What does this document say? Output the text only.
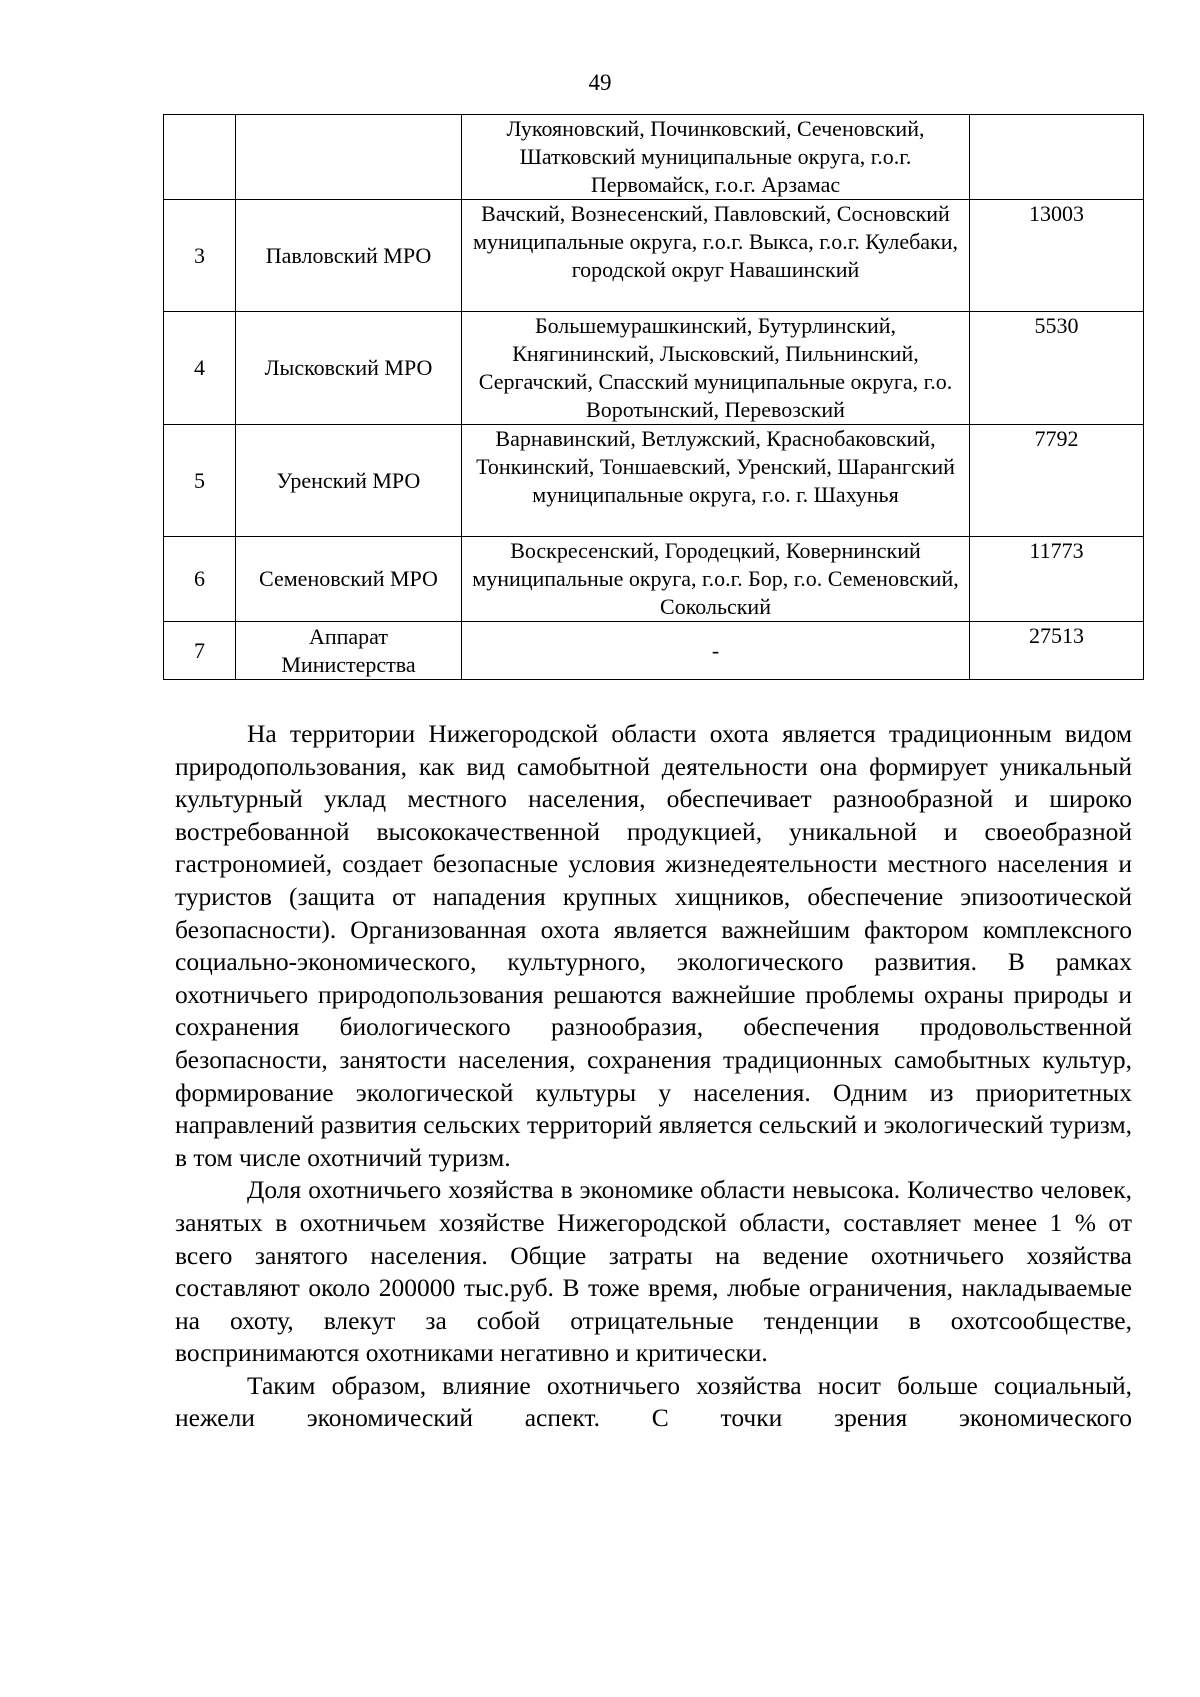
49
		Лукояновский, Починковский, Сеченовский, Шатковский муниципальные округа, г.о.г. Первомайск, г.о.г. Арзамас	
3	Павловский МРО	Вачский, Вознесенский, Павловский, Сосновский муниципальные округа, г.о.г. Выкса, г.о.г. Кулебаки, городской округ Навашинский	13003
4	Лысковский МРО	Большемурашкинский, Бутурлинский, Княгининский, Лысковский, Пильнинский, Сергачский, Спасский муниципальные округа, г.о. Воротынский, Перевозский	5530
5	Уренский МРО	Варнавинский, Ветлужский, Краснобаковский, Тонкинский, Тоншаевский, Уренский, Шарангский муниципальные округа, г.о. г. Шахунья	7792
6	Семеновский МРО	Воскресенский, Городецкий, Ковернинский муниципальные округа, г.о.г. Бор, г.о. Семеновский, Сокольский	11773
7	Аппарат Министерства	-	27513

На территории Нижегородской области охота является традиционным видом природопользования, как вид самобытной деятельности она формирует уникальный культурный уклад местного населения, обеспечивает разнообразной и широко востребованной высококачественной продукцией, уникальной и своеобразной гастрономией, создает безопасные условия жизнедеятельности местного населения и туристов (защита от нападения крупных хищников, обеспечение эпизоотической безопасности). Организованная охота является важнейшим фактором комплексного социально-экономического, культурного, экологического развития. В рамках охотничьего природопользования решаются важнейшие проблемы охраны природы и сохранения биологического разнообразия, обеспечения продовольственной безопасности, занятости населения, сохранения традиционных самобытных культур, формирование экологической культуры у населения. Одним из приоритетных направлений развития сельских территорий является сельский и экологический туризм, в том числе охотничий туризм.

Доля охотничьего хозяйства в экономике области невысока. Количество человек, занятых в охотничьем хозяйстве Нижегородской области, составляет менее 1 % от всего занятого населения. Общие затраты на ведение охотничьего хозяйства составляют около 200000 тыс.руб. В тоже время, любые ограничения, накладываемые на охоту, влекут за собой отрицательные тенденции в охотсообществе, воспринимаются охотниками негативно и критически.

Таким образом, влияние охотничьего хозяйства носит больше социальный, нежели экономический аспект. С точки зрения экономического
